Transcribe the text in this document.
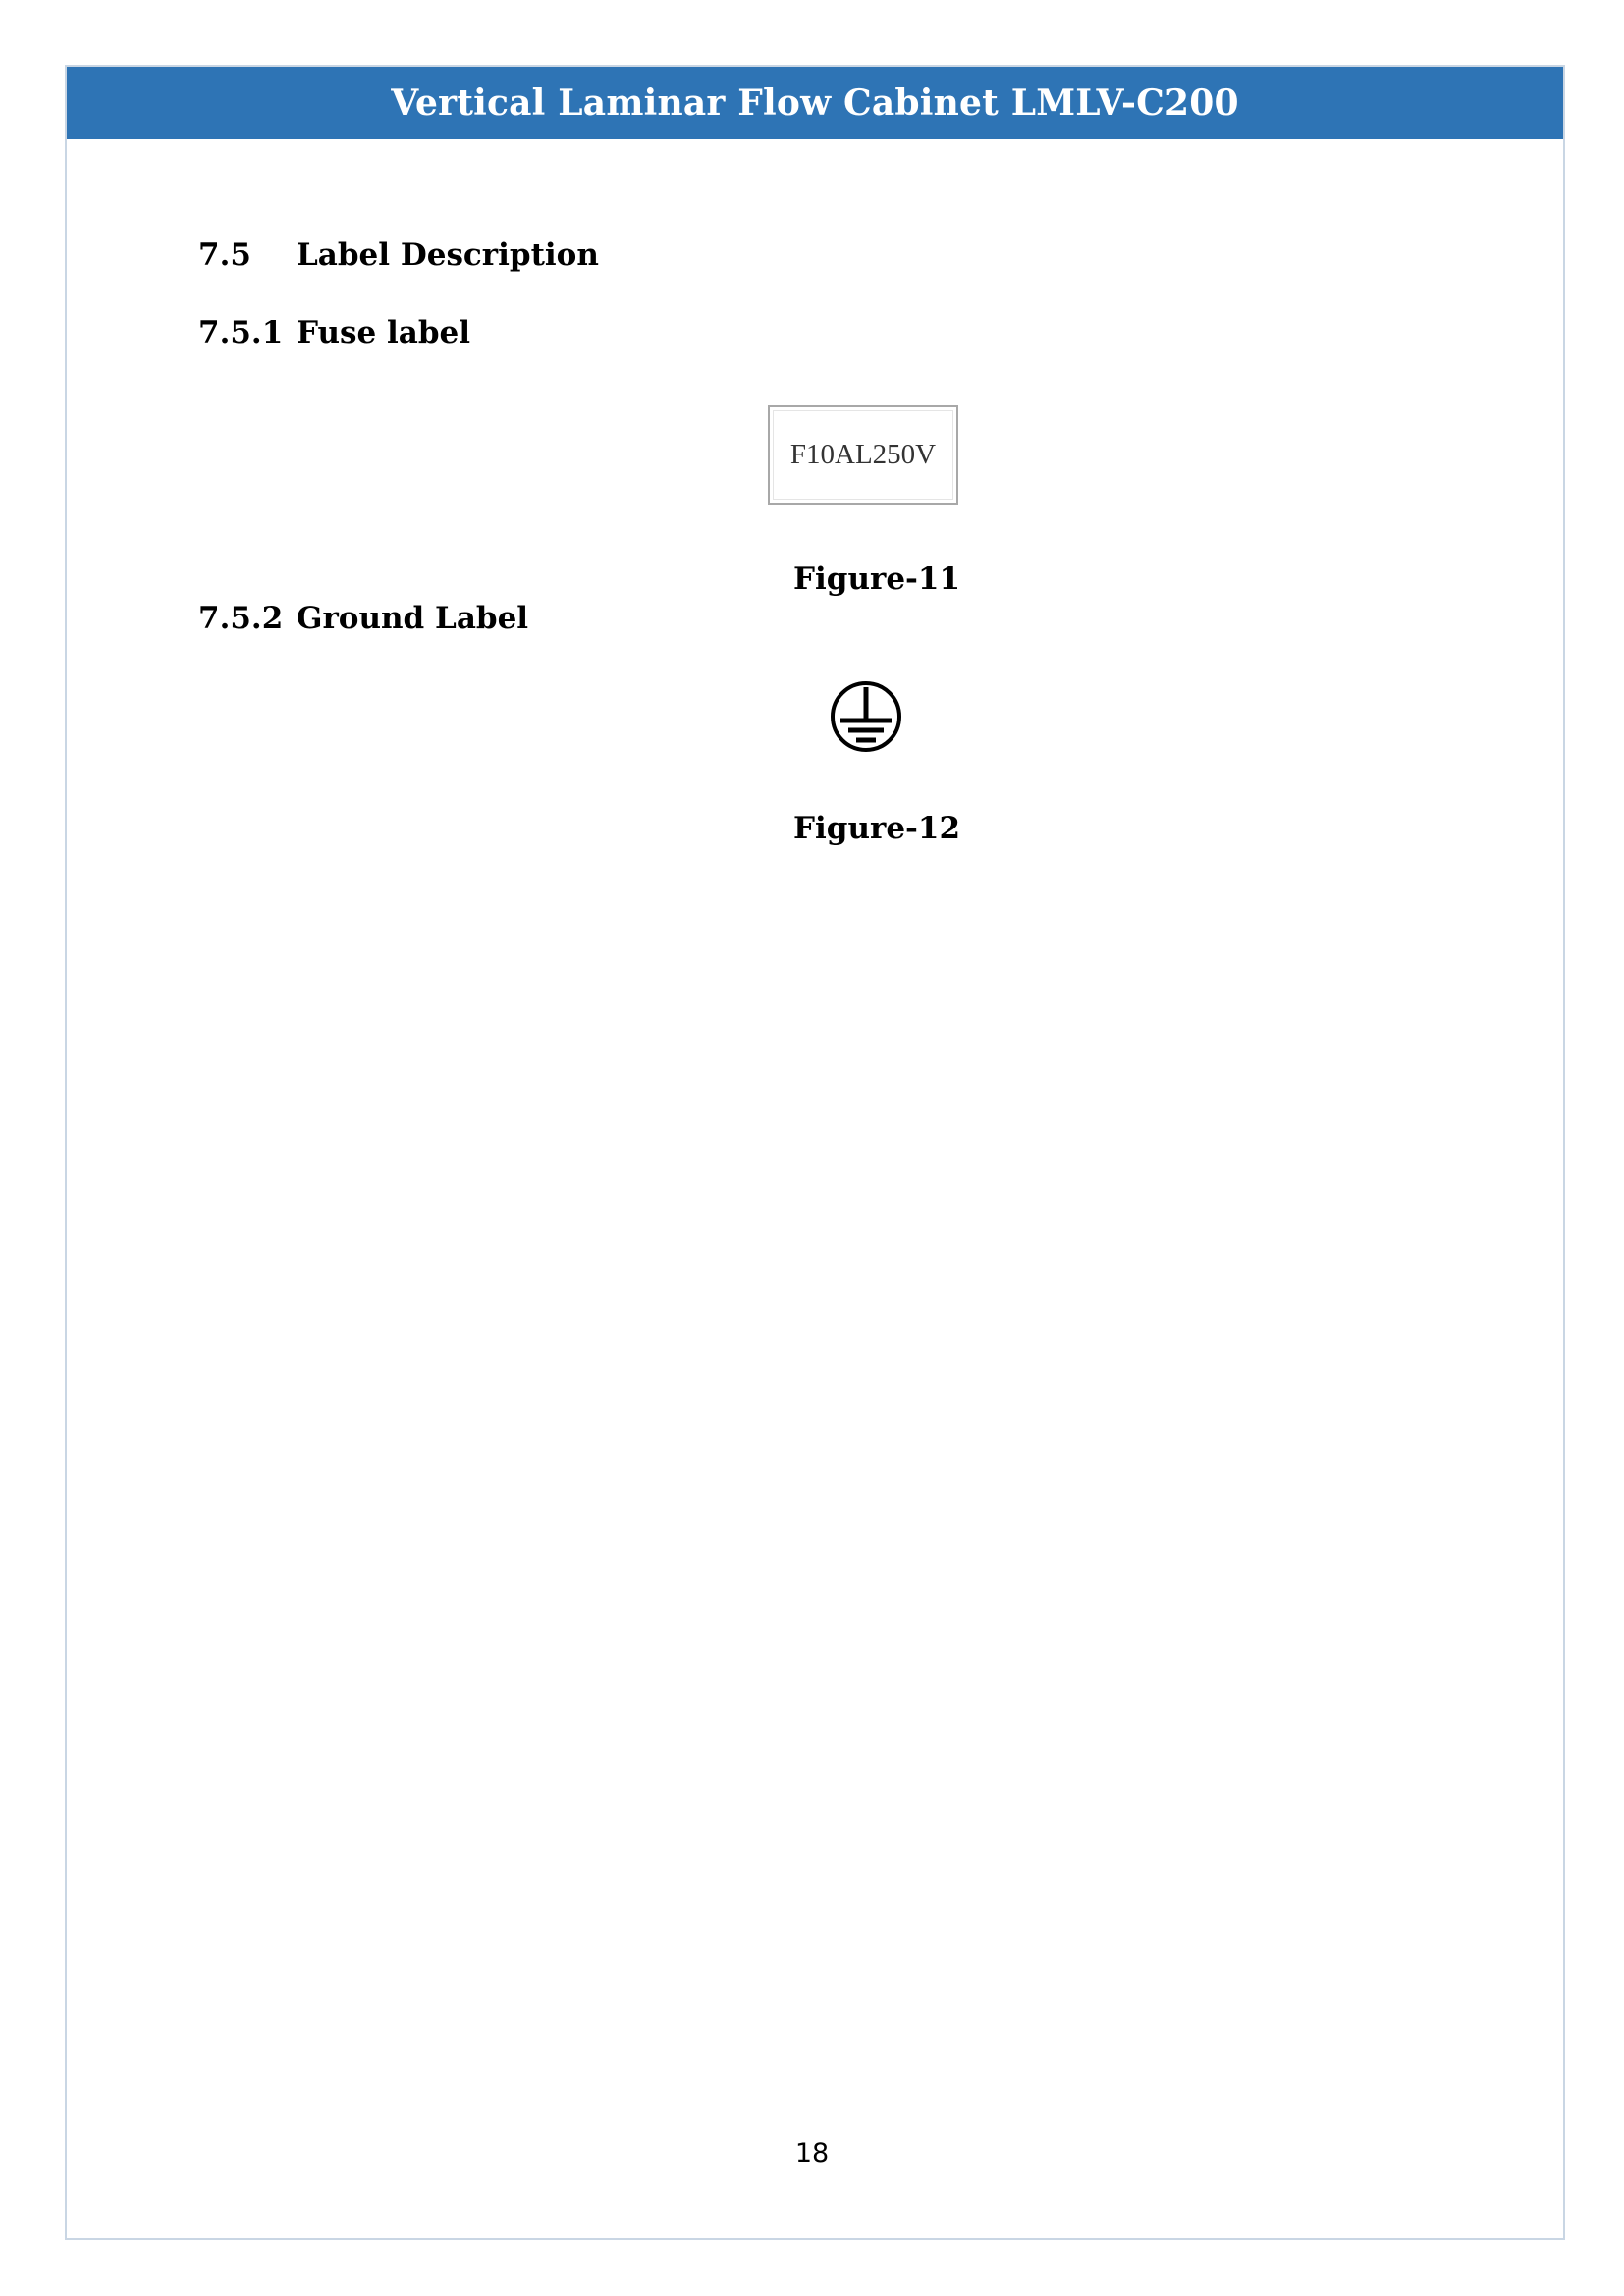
Vertical Laminar Flow Cabinet LMLV-C200
7.5 Label Description
7.5.1 Fuse label
F10AL250V
Figure-11
7.5.2 Ground Label
Figure-12
18
